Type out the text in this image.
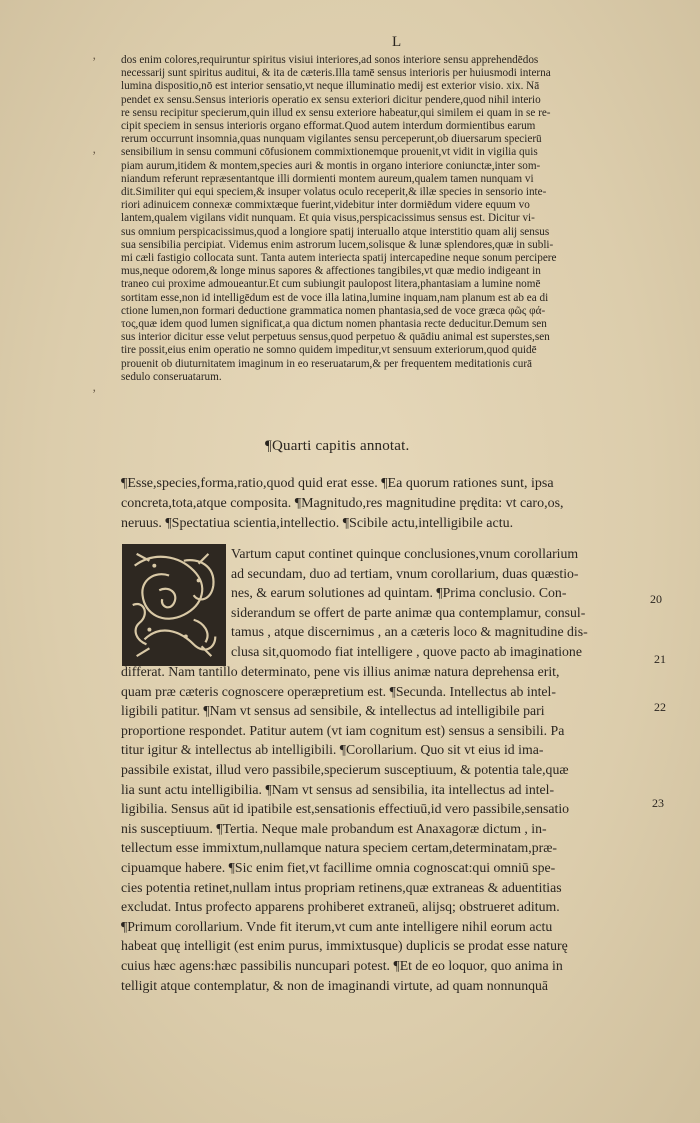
L
’
’
’
dos enim colores,requiruntur spiritus visiui interiores,ad sonos interiore sensu apprehendēdos
necessarij sunt spiritus auditui, & ita de cæteris.Illa tamē sensus interioris per huiusmodi interna
lumina dispositio,nō est interior sensatio,vt neque illuminatio medij est exterior visio. xix. Nā
pendet ex sensu.Sensus interioris operatio ex sensu exteriori dicitur pendere,quod nihil interio
re sensu recipitur specierum,quin illud ex sensu exteriore habeatur,qui similem ei quam in se re-
cipit speciem in sensus interioris organo efformat.Quod autem interdum dormientibus earum
rerum occurrunt insomnia,quas nunquam vigilantes sensu perceperunt,ob diuersarum specierū
sensibilium in sensu communi cōfusionem commixtionemque prouenit,vt vidit in vigilia quis
piam aurum,itidem & montem,species auri & montis in organo interiore coniunctæ,inter som-
niandum referunt repræsentantque illi dormienti montem aureum,qualem tamen nunquam vi
dit.Similiter qui equi speciem,& insuper volatus oculo receperit,& illæ species in sensorio inte-
riori adinuicem connexæ commixtæque fuerint,videbitur inter dormiēdum videre equum vo
lantem,qualem vigilans vidit nunquam. Et quia visus,perspicacissimus sensus est. Dicitur vi-
sus omnium perspicacissimus,quod a longiore spatij interuallo atque interstitio quam alij sensus
sua sensibilia percipiat. Videmus enim astrorum lucem,solisque & lunæ splendores,quæ in subli-
mi cæli fastigio collocata sunt. Tanta autem interiecta spatij intercapedine neque sonum percipere
mus,neque odorem,& longe minus sapores & affectiones tangibiles,vt quæ medio indigeant in
traneo cui proxime admoueantur.Et cum subiungit paulopost litera,phantasiam a lumine nomē
sortitam esse,non id intelligēdum est de voce illa latina,lumine inquam,nam planum est ab ea di
ctione lumen,non formari deductione grammatica nomen phantasia,sed de voce græca φῶς φά-
τος,quæ idem quod lumen significat,a qua dictum nomen phantasia recte deducitur.Demum sen
sus interior dicitur esse velut perpetuus sensus,quod perpetuo & quādiu animal est superstes,sen
tire possit,eius enim operatio ne somno quidem impeditur,vt sensuum exteriorum,quod quidē
prouenit ob diuturnitatem imaginum in eo reseruatarum,& per frequentem meditationis curā
sedulo conseruatarum.
¶Quarti capitis annotat.
¶Esse,species,forma,ratio,quod quid erat esse. ¶Ea quorum rationes sunt, ipsa
concreta,tota,atque composita. ¶Magnitudo,res magnitudine prędita: vt caro,os,
neruus. ¶Spectatiua scientia,intellectio. ¶Scibile actu,intelligibile actu.
Vartum caput continet quinque conclusiones,vnum corollarium
ad secundam, duo ad tertiam, vnum corollarium, duas quæstio-
nes, & earum solutiones ad quintam. ¶Prima conclusio. Con-
siderandum se offert de parte animæ qua contemplamur, consul-
tamus , atque discernimus , an a cæteris loco & magnitudine dis-
clusa sit,quomodo fiat intelligere , quove pacto ab imaginatione
differat. Nam tantillo determinato, pene vis illius animæ natura deprehensa erit,
quam præ cæteris cognoscere operæpretium est. ¶Secunda. Intellectus ab intel-
ligibili patitur. ¶Nam vt sensus ad sensibile, & intellectus ad intelligibile pari
proportione respondet. Patitur autem (vt iam cognitum est) sensus a sensibili. Pa
titur igitur & intellectus ab intelligibili. ¶Corollarium. Quo sit vt eius id ima-
passibile existat, illud vero passibile,specierum susceptiuum, & potentia tale,quæ
lia sunt actu intelligibilia. ¶Nam vt sensus ad sensibilia, ita intellectus ad intel-
ligibilia. Sensus aūt id ipatibile est,sensationis effectiuū,id vero passibile,sensatio
nis susceptiuum. ¶Tertia. Neque male probandum est Anaxagoræ dictum , in-
tellectum esse immixtum,nullamque natura speciem certam,determinatam,præ-
cipuamque habere. ¶Sic enim fiet,vt facillime omnia cognoscat:qui omniū spe-
cies potentia retinet,nullam intus propriam retinens,quæ extraneas & aduentitias
excludat. Intus profecto apparens prohiberet extraneū, alijsq; obstrueret aditum.
¶Primum corollarium. Vnde fit iterum,vt cum ante intelligere nihil eorum actu
habeat quę intelligit (est enim purus, immixtusque) duplicis se prodat esse naturę
cuius hæc agens:hæc passibilis nuncupari potest. ¶Et de eo loquor, quo anima in
telligit atque contemplatur, & non de imaginandi virtute, ad quam nonnunquā
20
21
22
23
